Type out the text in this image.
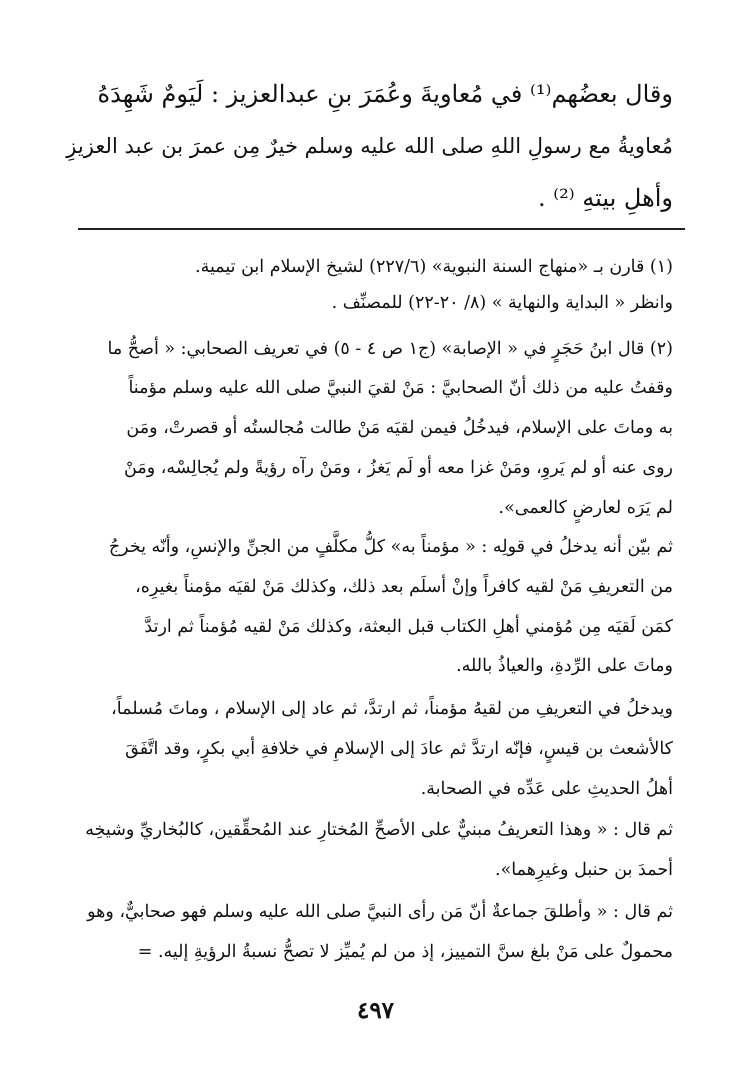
وقال بعضُهم⁽¹⁾ في مُعاويةَ وعُمَرَ بنِ عبدالعزيز : لَيَومٌ شَهِدَهُ
مُعاويةُ مع رسولِ اللهِ صلى الله عليه وسلم خيرٌ مِن عمرَ بن عبد العزيزِ
وأهلِ بيتهِ ⁽²⁾ .
(١) قارن بـ «منهاج السنة النبوية» (٢٢٧/٦) لشيخ الإسلام ابن تيمية.
وانظر « البداية والنهاية » (٨/ ٢٠-٢٢) للمصنِّف .
(٢) قال ابنُ حَجَرٍ في « الإصابة» (ج١ ص ٤ - ٥) في تعريف الصحابي: « أصحُّ ما
وقفتُ عليه من ذلك أنّ الصحابيَّ : مَنْ لقيَ النبيَّ صلى الله عليه وسلم مؤمناً
به وماتَ على الإسلام، فيدخُلُ فيمن لقيَه مَنْ طالت مُجالستُه أو قصرتْ، ومَن
روى عنه أو لم يَروِ، ومَنْ غزا معه أو لَم يَغزُ ، ومَنْ رآه رؤيةً ولم يُجالِسْه، ومَنْ
لم يَرَه لعارضٍ كالعمى».
ثم بيّن أنه يدخلُ في قولِه : « مؤمناً به» كلُّ مكلَّفٍ من الجنِّ والإنسِ، وأنّه يخرجُ
من التعريفِ مَنْ لقيه كافراً وإنْ أسلَم بعد ذلك، وكذلك مَنْ لقيَه مؤمناً بغيرِه،
كمَن لَقيَه مِن مُؤمني أهلِ الكتاب قبل البعثة، وكذلك مَنْ لقيه مُؤمناً ثم ارتدَّ
وماتَ على الرِّدةِ، والعياذُ بالله.
ويدخلُ في التعريفِ من لقيهُ مؤمناً، ثم ارتدَّ، ثم عاد إلى الإسلام ، وماتَ مُسلماً،
كالأشعث بن قيسٍ، فإنّه ارتدَّ ثم عادَ إلى الإسلامِ في خلافةِ أبي بكرٍ، وقد اتَّفَقَ
أهلُ الحديثِ على عَدِّه في الصحابة.
ثم قال : « وهذا التعريفُ مبنيٌّ على الأصحِّ المُختارِ عند المُحقِّقين، كالبُخاريِّ وشيخِه
أحمدَ بن حنبل وغيرِهما».
ثم قال : « وأطلقَ جماعةٌ أنّ مَن رأى النبيَّ صلى الله عليه وسلم فهو صحابيٌّ، وهو
محمولٌ على مَنْ بلغ سنَّ التمييز، إذ من لم يُميِّز لا تصحُّ نسبةُ الرؤيةِ إليه. =
٤٩٧
